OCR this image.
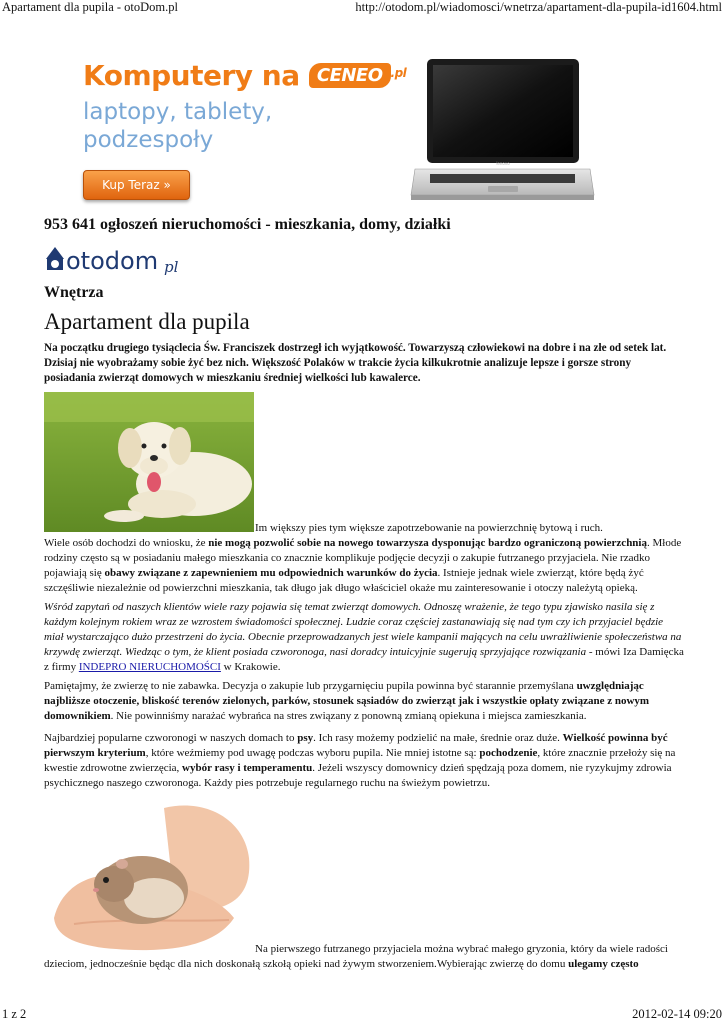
Apartament dla pupila - otoDom.pl	http://otodom.pl/wiadomosci/wnetrza/apartament-dla-pupila-id1604.html
Komputery na CENEO $^{.pl}$
laptopy, tablety,
podzespoły
Kup Teraz »
lenovo
953 641 ogłoszeń nieruchomości - mieszkania, domy, działki
otodom pl
Wnętrza
Apartament dla pupila
Na początku drugiego tysiąclecia Św. Franciszek dostrzegł ich wyjątkowość. Towarzyszą człowiekowi na dobre i na złe od setek lat. Dzisiaj nie wyobrażamy sobie żyć bez nich. Większość Polaków w trakcie życia kilkukrotnie analizuje lepsze i gorsze strony posiadania zwierząt domowych w mieszkaniu średniej wielkości lub kawalerce.
Im większy pies tym większe zapotrzebowanie na powierzchnię bytową i ruch.
Wiele osób dochodzi do wniosku, że nie mogą pozwolić sobie na nowego towarzysza dysponując bardzo ograniczoną powierzchnią. Młode rodziny często są w posiadaniu małego mieszkania co znacznie komplikuje podjęcie decyzji o zakupie futrzanego przyjaciela. Nie rzadko pojawiają się obawy związane z zapewnieniem mu odpowiednich warunków do życia. Istnieje jednak wiele zwierząt, które będą żyć szczęśliwie niezależnie od powierzchni mieszkania, tak długo jak długo właściciel okaże mu zainteresowanie i otoczy należytą opieką.
Wśród zapytań od naszych klientów wiele razy pojawia się temat zwierząt domowych. Odnoszę wrażenie, że tego typu zjawisko nasila się z każdym kolejnym rokiem wraz ze wzrostem świadomości społecznej. Ludzie coraz częściej zastanawiają się nad tym czy ich przyjaciel będzie miał wystarczająco dużo przestrzeni do życia. Obecnie przeprowadzanych jest wiele kampanii mających na celu uwrażliwienie społeczeństwa na krzywdę zwierząt. Wiedząc o tym, że klient posiada czworonoga, nasi doradcy intuicyjnie sugerują sprzyjające rozwiązania - mówi Iza Damięcka z firmy INDEPRO NIERUCHOMOŚCI w Krakowie.
Pamiętajmy, że zwierzę to nie zabawka. Decyzja o zakupie lub przygarnięciu pupila powinna być starannie przemyślana uwzględniając najbliższe otoczenie, bliskość terenów zielonych, parków, stosunek sąsiadów do zwierząt jak i wszystkie opłaty związane z nowym domownikiem. Nie powinniśmy narażać wybrańca na stres związany z ponowną zmianą opiekuna i miejsca zamieszkania.
Najbardziej popularne czworonogi w naszych domach to psy. Ich rasy możemy podzielić na małe, średnie oraz duże. Wielkość powinna być pierwszym kryterium, które weźmiemy pod uwagę podczas wyboru pupila. Nie mniej istotne są: pochodzenie, które znacznie przełoży się na kwestie zdrowotne zwierzęcia, wybór rasy i temperamentu. Jeżeli wszyscy domownicy dzień spędzają poza domem, nie ryzykujmy zdrowia psychicznego naszego czworonoga. Każdy pies potrzebuje regularnego ruchu na świeżym powietrzu.
Na pierwszego futrzanego przyjaciela można wybrać małego gryzonia, który da wiele radości
dzieciom, jednocześnie będąc dla nich doskonałą szkołą opieki nad żywym stworzeniem.Wybierając zwierzę do domu ulegamy często
1 z 2	2012-02-14 09:20
